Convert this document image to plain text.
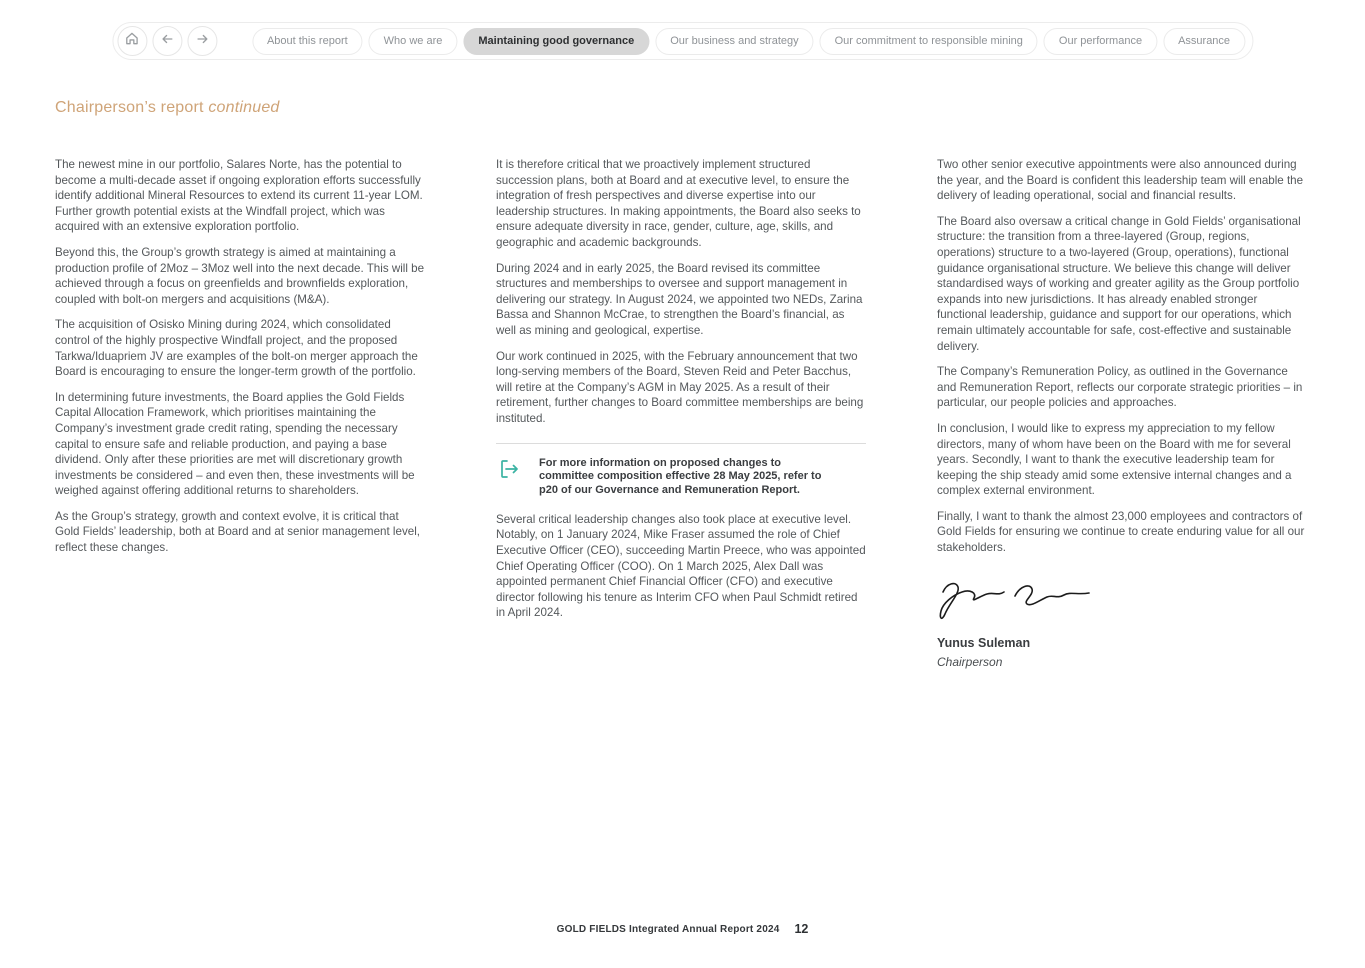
About this report	Who we are	Maintaining good governance	Our business and strategy	Our commitment to responsible mining	Our performance	Assurance
Chairperson’s report continued

The newest mine in our portfolio, Salares Norte, has the potential to become a multi-decade asset if ongoing exploration efforts successfully identify additional Mineral Resources to extend its current 11-year LOM. Further growth potential exists at the Windfall project, which was acquired with an extensive exploration portfolio.

Beyond this, the Group’s growth strategy is aimed at maintaining a production profile of 2Moz – 3Moz well into the next decade. This will be achieved through a focus on greenfields and brownfields exploration, coupled with bolt-on mergers and acquisitions (M&A).

The acquisition of Osisko Mining during 2024, which consolidated control of the highly prospective Windfall project, and the proposed Tarkwa/Iduapriem JV are examples of the bolt-on merger approach the Board is encouraging to ensure the longer-term growth of the portfolio.

In determining future investments, the Board applies the Gold Fields Capital Allocation Framework, which prioritises maintaining the Company’s investment grade credit rating, spending the necessary capital to ensure safe and reliable production, and paying a base dividend. Only after these priorities are met will discretionary growth investments be considered – and even then, these investments will be weighed against offering additional returns to shareholders.

As the Group’s strategy, growth and context evolve, it is critical that Gold Fields’ leadership, both at Board and at senior management level, reflect these changes.

It is therefore critical that we proactively implement structured succession plans, both at Board and at executive level, to ensure the integration of fresh perspectives and diverse expertise into our leadership structures. In making appointments, the Board also seeks to ensure adequate diversity in race, gender, culture, age, skills, and geographic and academic backgrounds.

During 2024 and in early 2025, the Board revised its committee structures and memberships to oversee and support management in delivering our strategy. In August 2024, we appointed two NEDs, Zarina Bassa and Shannon McCrae, to strengthen the Board’s financial, as well as mining and geological, expertise.

Our work continued in 2025, with the February announcement that two long-serving members of the Board, Steven Reid and Peter Bacchus, will retire at the Company’s AGM in May 2025. As a result of their retirement, further changes to Board committee memberships are being instituted.

For more information on proposed changes to committee composition effective 28 May 2025, refer to p20 of our Governance and Remuneration Report.

Several critical leadership changes also took place at executive level. Notably, on 1 January 2024, Mike Fraser assumed the role of Chief Executive Officer (CEO), succeeding Martin Preece, who was appointed Chief Operating Officer (COO). On 1 March 2025, Alex Dall was appointed permanent Chief Financial Officer (CFO) and executive director following his tenure as Interim CFO when Paul Schmidt retired in April 2024.

Two other senior executive appointments were also announced during the year, and the Board is confident this leadership team will enable the delivery of leading operational, social and financial results.

The Board also oversaw a critical change in Gold Fields’ organisational structure: the transition from a three-layered (Group, regions, operations) structure to a two-layered (Group, operations), functional guidance organisational structure. We believe this change will deliver standardised ways of working and greater agility as the Group portfolio expands into new jurisdictions. It has already enabled stronger functional leadership, guidance and support for our operations, which remain ultimately accountable for safe, cost-effective and sustainable delivery.

The Company’s Remuneration Policy, as outlined in the Governance and Remuneration Report, reflects our corporate strategic priorities – in particular, our people policies and approaches.

In conclusion, I would like to express my appreciation to my fellow directors, many of whom have been on the Board with me for several years. Secondly, I want to thank the executive leadership team for keeping the ship steady amid some extensive internal changes and a complex external environment.

Finally, I want to thank the almost 23,000 employees and contractors of Gold Fields for ensuring we continue to create enduring value for all our stakeholders.

Yunus Suleman
Chairperson
GOLD FIELDS Integrated Annual Report 2024 12
